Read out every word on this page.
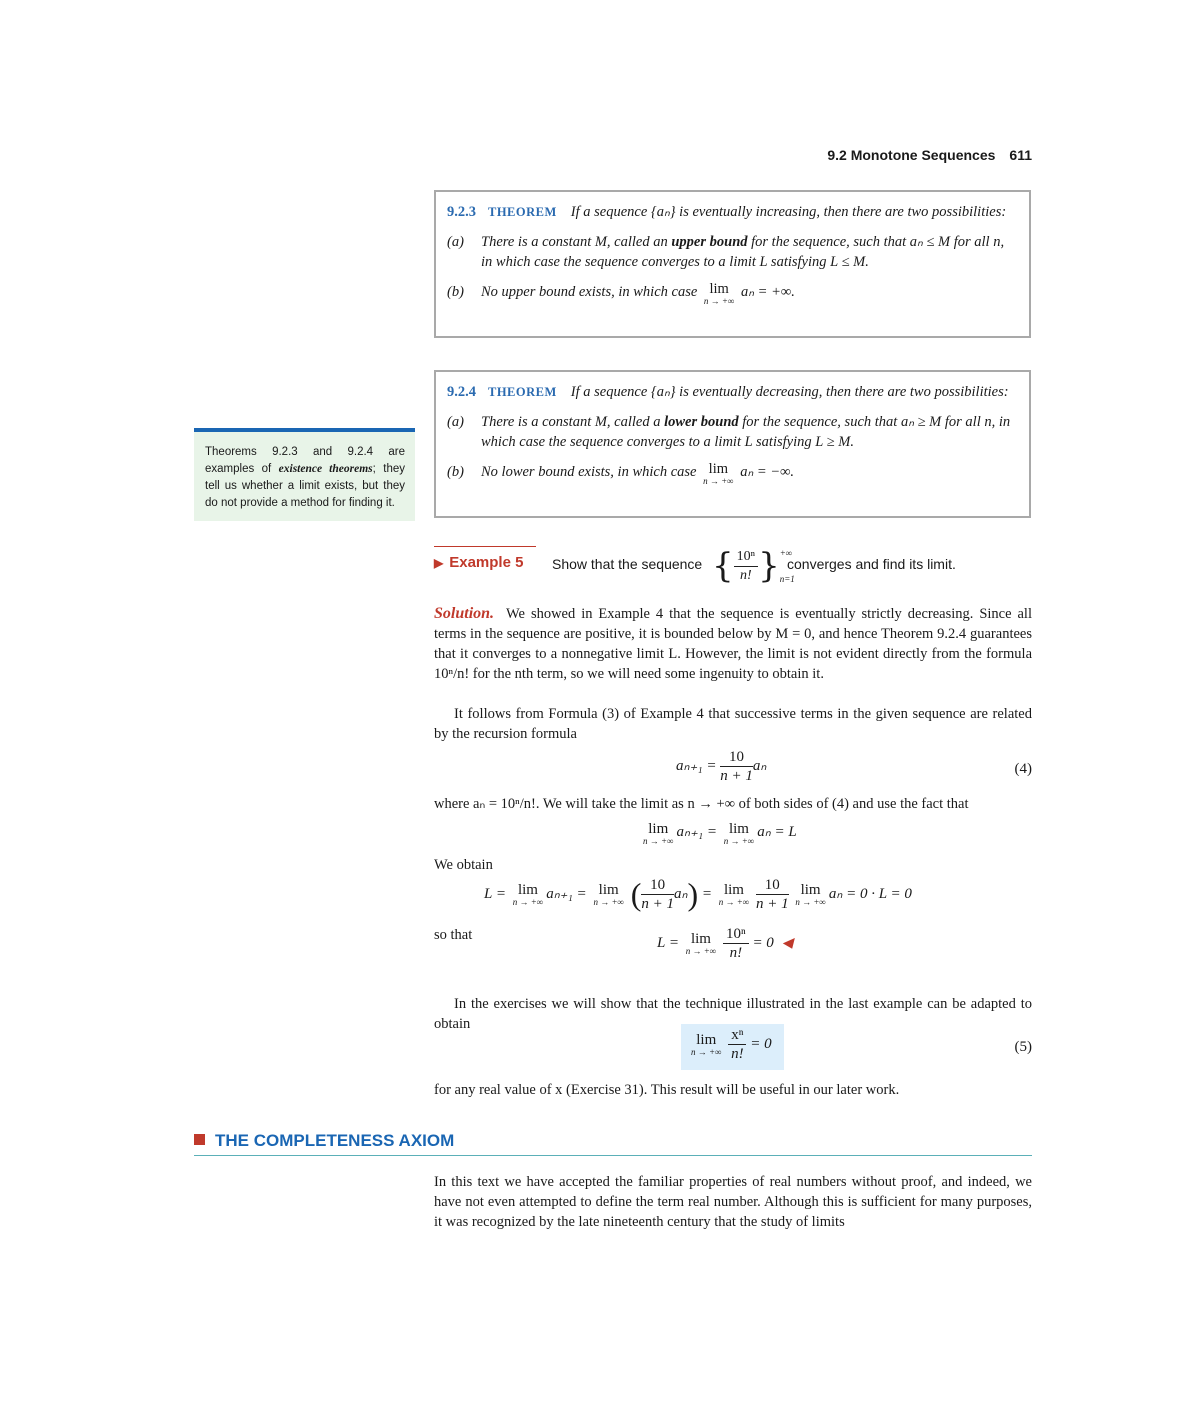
9.2 Monotone Sequences 611

9.2.3 THEOREM If a sequence {aₙ} is eventually increasing, then there are two possibilities:

(a) There is a constant M, called an upper bound for the sequence, such that aₙ ≤ M for all n, in which case the sequence converges to a limit L satisfying L ≤ M.

(b) No upper bound exists, in which case lim
n → +∞
aₙ = +∞.

9.2.4 THEOREM If a sequence {aₙ} is eventually decreasing, then there are two possibilities:

(a) There is a constant M, called a lower bound for the sequence, such that aₙ ≥ M for all n, in which case the sequence converges to a limit L satisfying L ≥ M.

(b) No lower bound exists, in which case lim
n → +∞
aₙ = −∞.

Theorems 9.2.3 and 9.2.4 are examples of existence theorems; they tell us whether a limit exists, but they do not provide a method for finding it.
▶ Example 5 Show that the sequence { $\frac{\text{10ⁿ}}{n!}$ } +∞
n=1
converges and find its limit.
Solution. We showed in Example 4 that the sequence is eventually strictly decreasing. Since all terms in the sequence are positive, it is bounded below by M = 0, and hence Theorem 9.2.4 guarantees that it converges to a nonnegative limit L. However, the limit is not evident directly from the formula 10ⁿ/n! for the nth term, so we will need some ingenuity to obtain it.
It follows from Formula (3) of Example 4 that successive terms in the given sequence are related by the recursion formula
$a_{n+1} = \frac{10}{n + 1}$ aₙ	(4)
where aₙ = 10ⁿ/n!. We will take the limit as n → +∞ of both sides of (4) and use the fact that
lim
n → +∞
aₙ₊₁ = lim
n → +∞
aₙ = L
We obtain
L = lim
n → +∞ aₙ₊₁ = lim
n → +∞ ( $\frac{10}{n + 1} a_n) = \lim$
n → +∞
$\frac{10}{n + 1}$ lim
n → +∞ aₙ = 0 · L = 0
so that	L = lim
n → +∞
$\frac{\text{10ⁿ}}{n!} = 0$ ◀
In the exercises we will show that the technique illustrated in the last example can be adapted to obtain
lim
n → +∞
$\frac{\text{xⁿ}}{n!} = 0$	(5)
for any real value of x (Exercise 31). This result will be useful in our later work.
THE COMPLETENESS AXIOM
In this text we have accepted the familiar properties of real numbers without proof, and indeed, we have not even attempted to define the term real number. Although this is sufficient for many purposes, it was recognized by the late nineteenth century that the study of limits
